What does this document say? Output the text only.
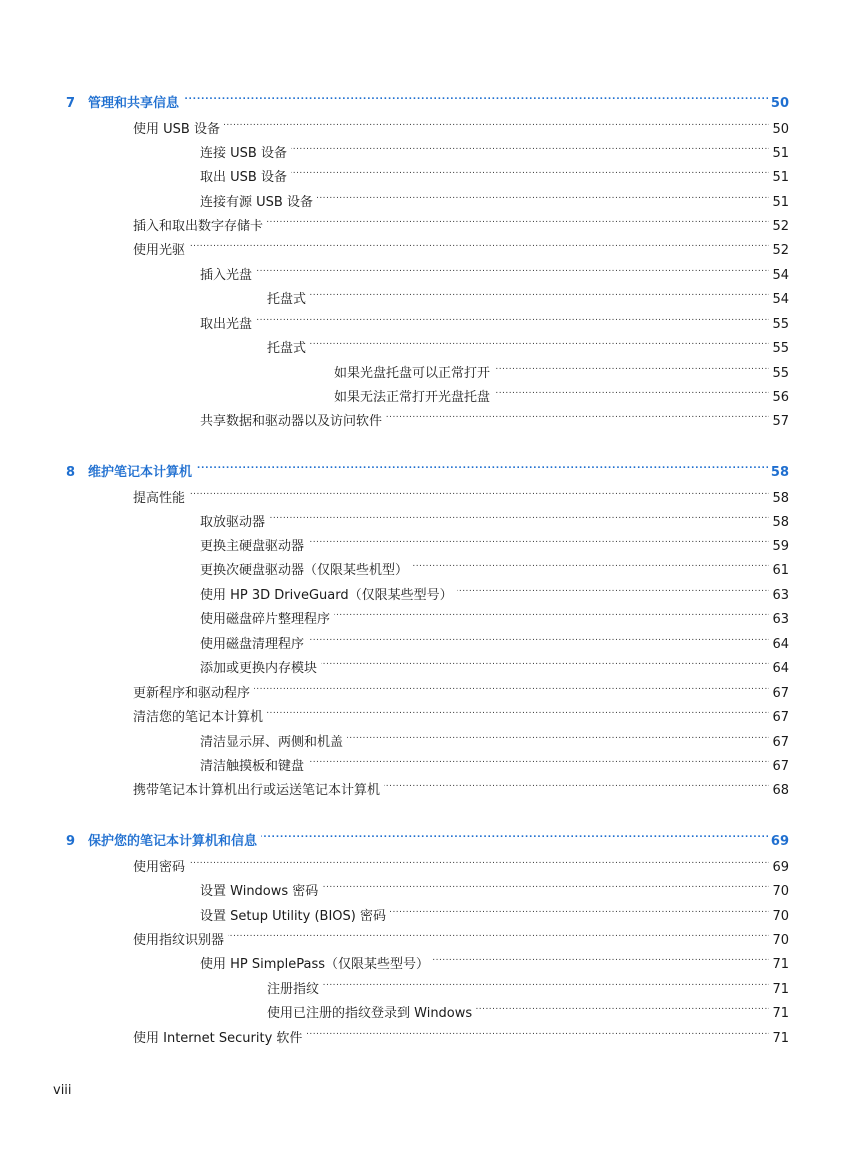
7 管理和共享信息 . . .	50
使用 USB 设备 . . .	50
连接 USB 设备 . . .	51
取出 USB 设备 . . .	51
连接有源 USB 设备 . . .	51
插入和取出数字存储卡 . . .	52
使用光驱 . . .	52
插入光盘 . . .	54
托盘式 . . .	54
取出光盘 . . .	55
托盘式 . . .	55
如果光盘托盘可以正常打开 . . .	55
如果无法正常打开光盘托盘 . . .	56
共享数据和驱动器以及访问软件 . . .	57
8 维护笔记本计算机 . . .	58
提高性能 . . .	58
取放驱动器 . . .	58
更换主硬盘驱动器 . . .	59
更换次硬盘驱动器（仅限某些机型） . . .	61
使用 HP 3D DriveGuard（仅限某些型号） . . .	63
使用磁盘碎片整理程序 . . .	63
使用磁盘清理程序 . . .	64
添加或更换内存模块 . . .	64
更新程序和驱动程序 . . .	67
清洁您的笔记本计算机 . . .	67
清洁显示屏、两侧和机盖 . . .	67
清洁触摸板和键盘 . . .	67
携带笔记本计算机出行或运送笔记本计算机 . . .	68
9 保护您的笔记本计算机和信息 . . .	69
使用密码 . . .	69
设置 Windows 密码 . . .	70
设置 Setup Utility (BIOS) 密码 . . .	70
使用指纹识别器 . . .	70
使用 HP SimplePass（仅限某些型号） . . .	71
注册指纹 . . .	71
使用已注册的指纹登录到 Windows . . .	71
使用 Internet Security 软件 . . .	71
viii
